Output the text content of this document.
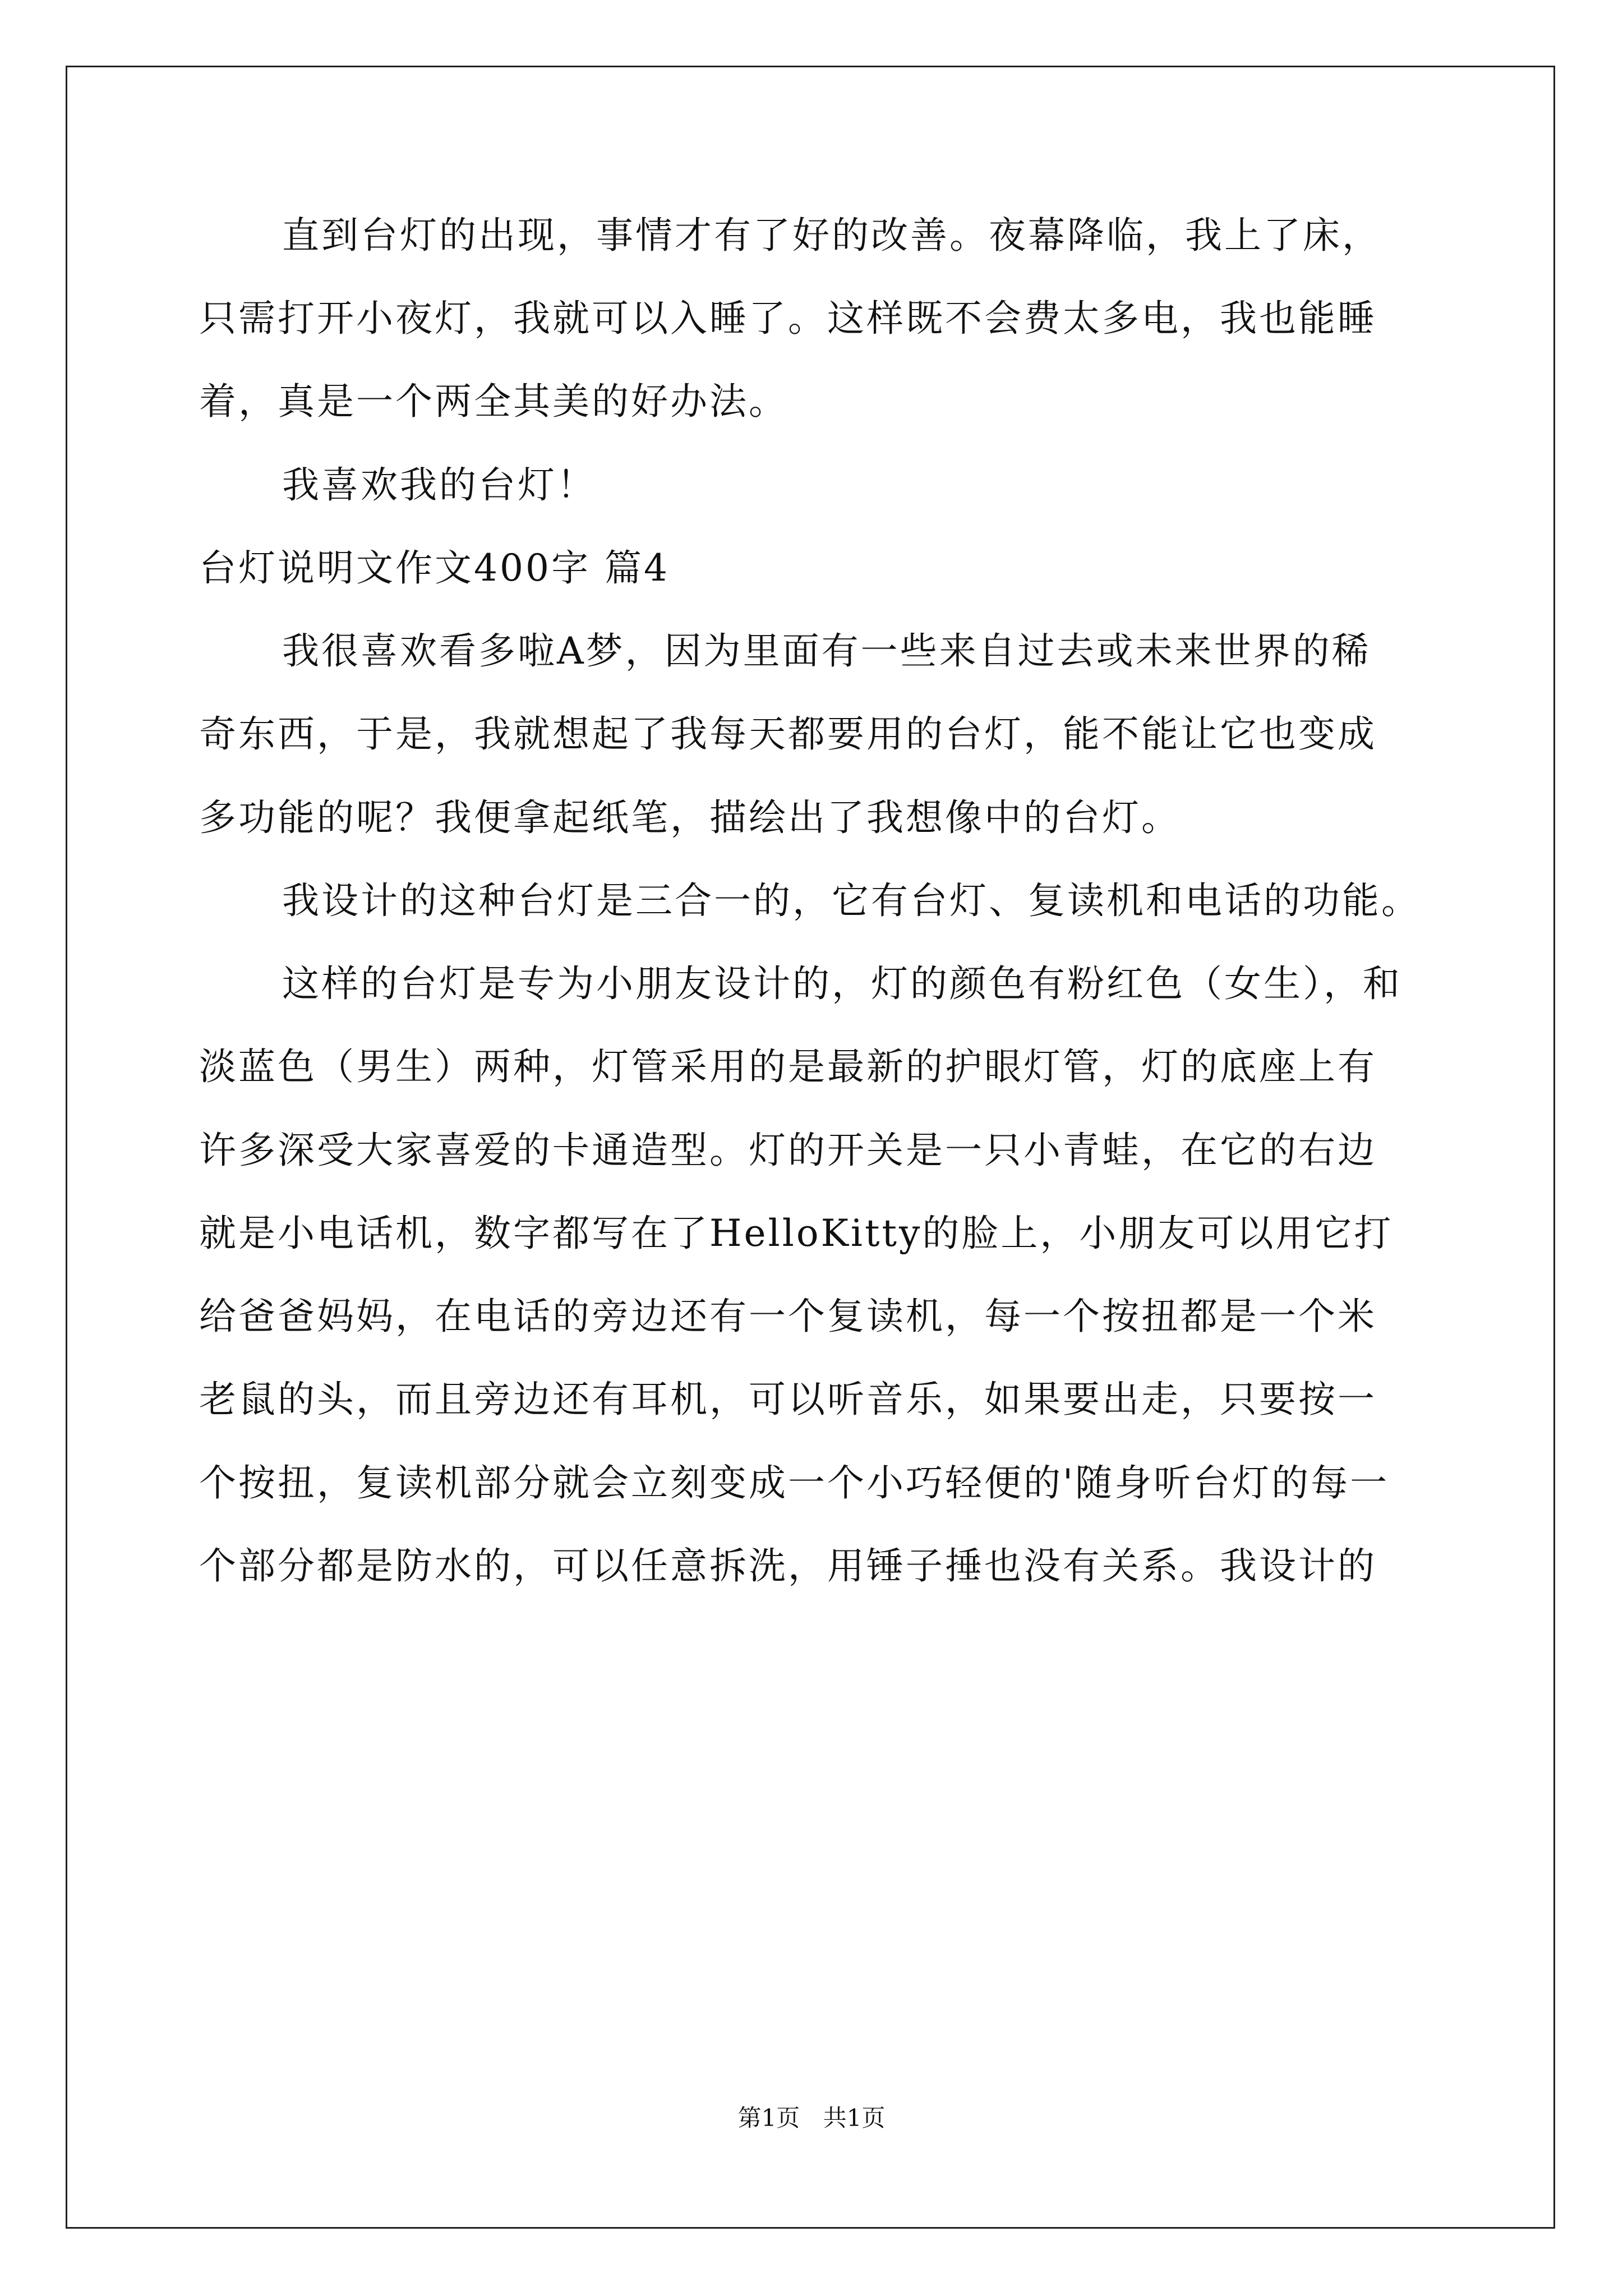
直到台灯的出现，事情才有了好的改善。夜幕降临，我上了床，
只需打开小夜灯，我就可以入睡了。这样既不会费太多电，我也能睡
着，真是一个两全其美的好办法。
我喜欢我的台灯！
台灯说明文作文400字 篇4
我很喜欢看多啦A梦，因为里面有一些来自过去或未来世界的稀
奇东西，于是，我就想起了我每天都要用的台灯，能不能让它也变成
多功能的呢？我便拿起纸笔，描绘出了我想像中的台灯。
我设计的这种台灯是三合一的，它有台灯、复读机和电话的功能。
这样的台灯是专为小朋友设计的，灯的颜色有粉红色（女生），和
淡蓝色（男生）两种，灯管采用的是最新的护眼灯管，灯的底座上有
许多深受大家喜爱的卡通造型。灯的开关是一只小青蛙，在它的右边
就是小电话机，数字都写在了HelloKitty的脸上，小朋友可以用它打
给爸爸妈妈，在电话的旁边还有一个复读机，每一个按扭都是一个米
老鼠的头，而且旁边还有耳机，可以听音乐，如果要出走，只要按一
个按扭，复读机部分就会立刻变成一个小巧轻便的'随身听台灯的每一
个部分都是防水的，可以任意拆洗，用锤子捶也没有关系。我设计的
第1页 共1页
